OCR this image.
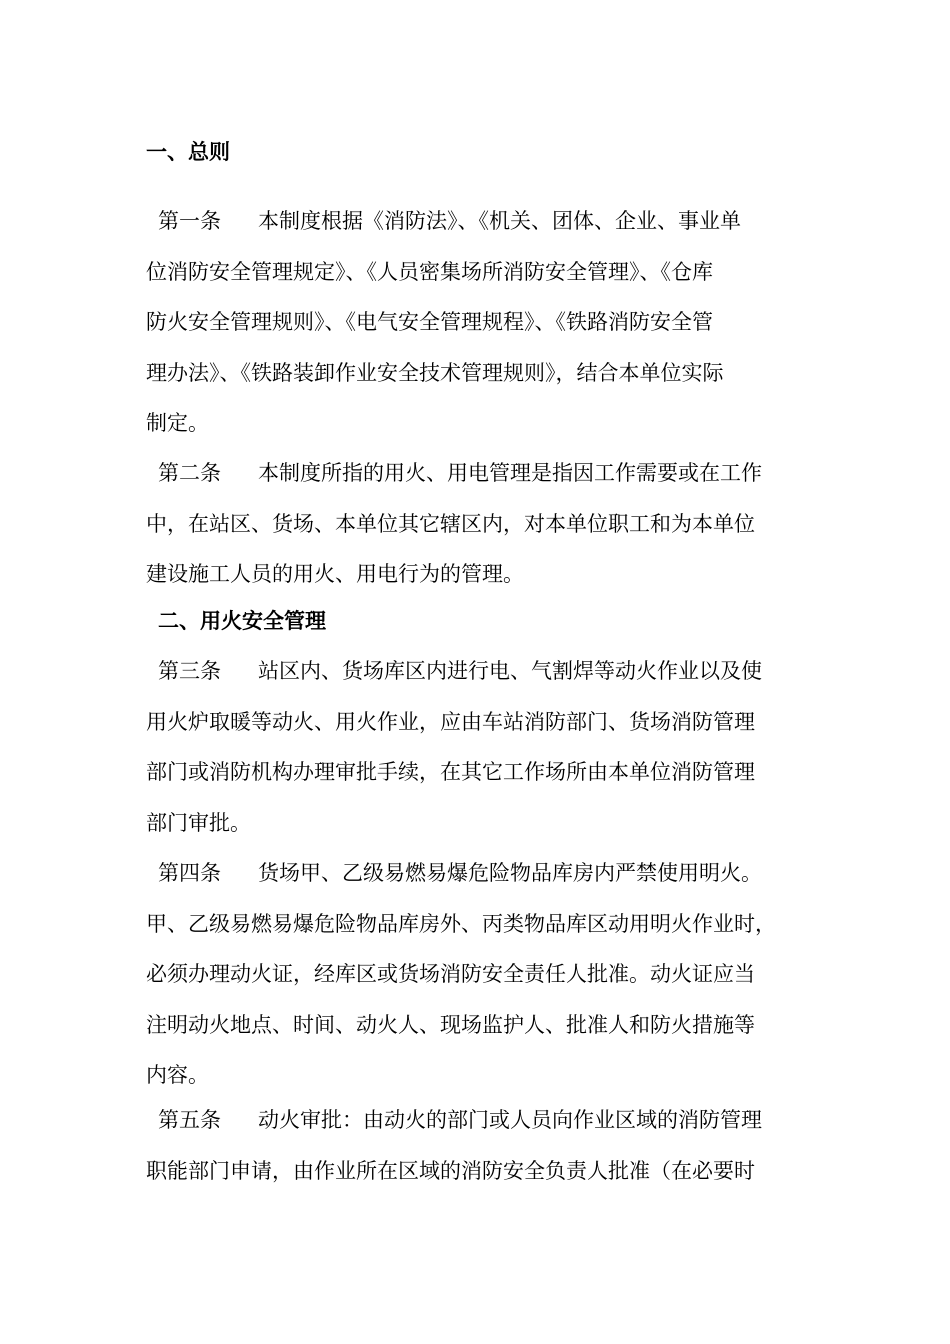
一、总则
第一条 本制度根据《消防法》、《机关、团体、企业、事业单
位消防安全管理规定》、《人员密集场所消防安全管理》、《仓库
防火安全管理规则》、《电气安全管理规程》、《铁路消防安全管
理办法》、《铁路装卸作业安全技术管理规则》，结合本单位实际
制定。
第二条 本制度所指的用火、用电管理是指因工作需要或在工作
中，在站区、货场、本单位其它辖区内，对本单位职工和为本单位
建设施工人员的用火、用电行为的管理。
二、用火安全管理
第三条 站区内、货场库区内进行电、气割焊等动火作业以及使
用火炉取暖等动火、用火作业，应由车站消防部门、货场消防管理
部门或消防机构办理审批手续，在其它工作场所由本单位消防管理
部门审批。
第四条 货场甲、乙级易燃易爆危险物品库房内严禁使用明火。
甲、乙级易燃易爆危险物品库房外、丙类物品库区动用明火作业时，
必须办理动火证，经库区或货场消防安全责任人批准。动火证应当
注明动火地点、时间、动火人、现场监护人、批准人和防火措施等
内容。
第五条 动火审批：由动火的部门或人员向作业区域的消防管理
职能部门申请，由作业所在区域的消防安全负责人批准（在必要时
